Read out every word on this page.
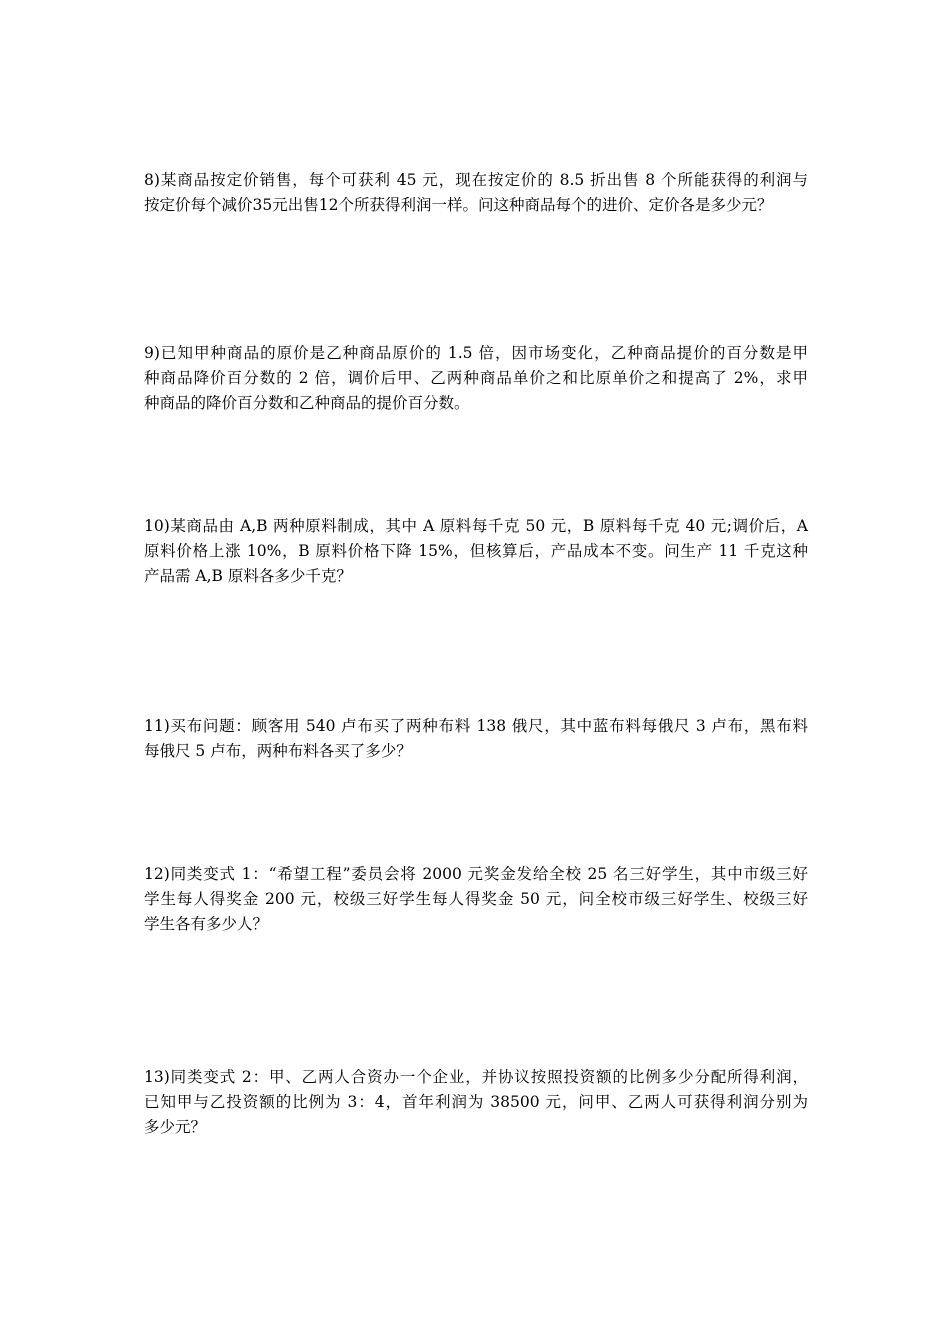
8)某商品按定价销售，每个可获利 45 元，现在按定价的 8.5 折出售 8 个所能获得的利润与
按定价每个减价35元出售12个所获得利润一样。问这种商品每个的进价、定价各是多少元？

9)已知甲种商品的原价是乙种商品原价的 1.5 倍，因市场变化，乙种商品提价的百分数是甲
种商品降价百分数的 2 倍，调价后甲、乙两种商品单价之和比原单价之和提高了 2%，求甲
种商品的降价百分数和乙种商品的提价百分数。

10)某商品由 A,B 两种原料制成，其中 A 原料每千克 50 元，B 原料每千克 40 元;调价后，A
原料价格上涨 10%，B 原料价格下降 15%，但核算后，产品成本不变。问生产 11 千克这种
产品需 A,B 原料各多少千克？

11)买布问题：顾客用 540 卢布买了两种布料 138 俄尺，其中蓝布料每俄尺 3 卢布，黑布料
每俄尺 5 卢布，两种布料各买了多少？

12)同类变式 1：“希望工程”委员会将 2000 元奖金发给全校 25 名三好学生，其中市级三好
学生每人得奖金 200 元，校级三好学生每人得奖金 50 元，问全校市级三好学生、校级三好
学生各有多少人？

13)同类变式 2：甲、乙两人合资办一个企业，并协议按照投资额的比例多少分配所得利润，
已知甲与乙投资额的比例为 3：4，首年利润为 38500 元，问甲、乙两人可获得利润分别为
多少元？
